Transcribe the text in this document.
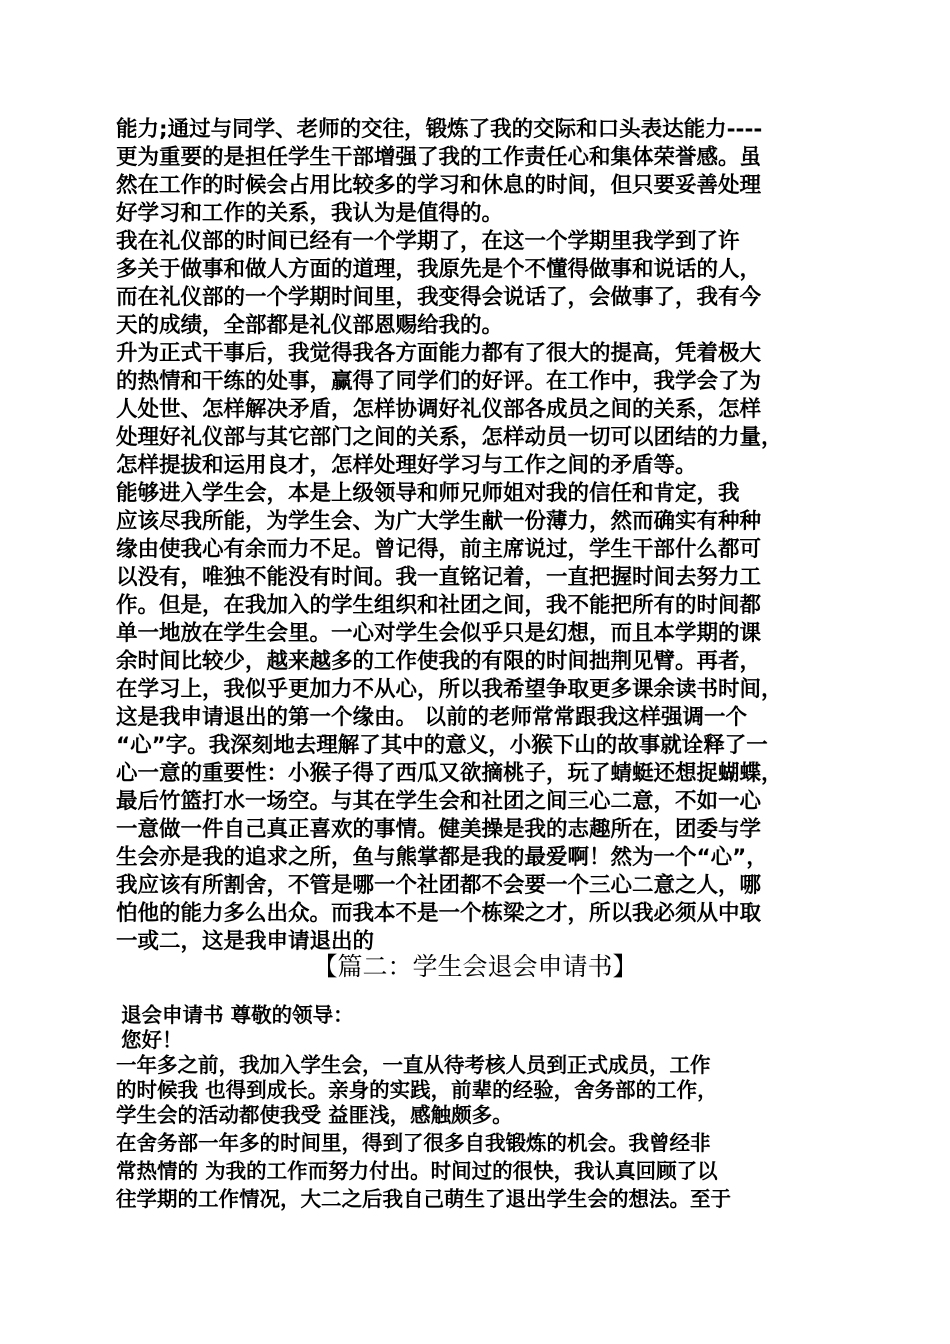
能力;通过与同学、老师的交往，锻炼了我的交际和口头表达能力----
更为重要的是担任学生干部增强了我的工作责任心和集体荣誉感。虽
然在工作的时候会占用比较多的学习和休息的时间，但只要妥善处理
好学习和工作的关系，我认为是值得的。
我在礼仪部的时间已经有一个学期了，在这一个学期里我学到了许
多关于做事和做人方面的道理，我原先是个不懂得做事和说话的人，
而在礼仪部的一个学期时间里，我变得会说话了，会做事了，我有今
天的成绩，全部都是礼仪部恩赐给我的。
升为正式干事后，我觉得我各方面能力都有了很大的提高，凭着极大
的热情和干练的处事，赢得了同学们的好评。在工作中，我学会了为
人处世、怎样解决矛盾，怎样协调好礼仪部各成员之间的关系，怎样
处理好礼仪部与其它部门之间的关系，怎样动员一切可以团结的力量，
怎样提拔和运用良才，怎样处理好学习与工作之间的矛盾等。
能够进入学生会，本是上级领导和师兄师姐对我的信任和肯定，我
应该尽我所能，为学生会、为广大学生献一份薄力，然而确实有种种
缘由使我心有余而力不足。曾记得，前主席说过，学生干部什么都可
以没有，唯独不能没有时间。我一直铭记着，一直把握时间去努力工
作。但是，在我加入的学生组织和社团之间，我不能把所有的时间都
单一地放在学生会里。一心对学生会似乎只是幻想，而且本学期的课
余时间比较少，越来越多的工作使我的有限的时间拙荆见臂。再者，
在学习上，我似乎更加力不从心，所以我希望争取更多课余读书时间，
这是我申请退出的第一个缘由。 以前的老师常常跟我这样强调一个
“心”字。我深刻地去理解了其中的意义，小猴下山的故事就诠释了一
心一意的重要性：小猴子得了西瓜又欲摘桃子，玩了蜻蜓还想捉蝴蝶，
最后竹篮打水一场空。与其在学生会和社团之间三心二意，不如一心
一意做一件自己真正喜欢的事情。健美操是我的志趣所在，团委与学
生会亦是我的追求之所，鱼与熊掌都是我的最爱啊！然为一个“心”，
我应该有所割舍，不管是哪一个社团都不会要一个三心二意之人，哪
怕他的能力多么出众。而我本不是一个栋梁之才，所以我必须从中取
一或二，这是我申请退出的
【篇二：学生会退会申请书】
退会申请书 尊敬的领导：
您好！
一年多之前，我加入学生会，一直从待考核人员到正式成员，工作
的时候我 也得到成长。亲身的实践，前辈的经验，舍务部的工作，
学生会的活动都使我受 益匪浅，感触颇多。
在舍务部一年多的时间里，得到了很多自我锻炼的机会。我曾经非
常热情的 为我的工作而努力付出。时间过的很快，我认真回顾了以
往学期的工作情况，大二之后我自己萌生了退出学生会的想法。至于
